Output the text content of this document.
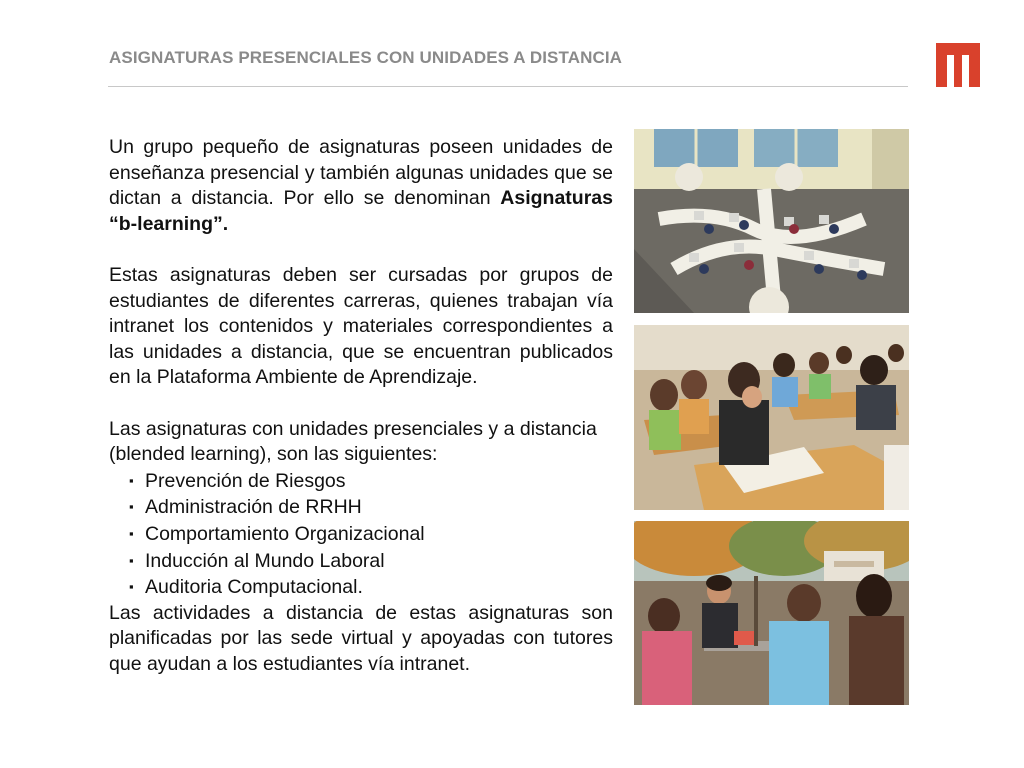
ASIGNATURAS PRESENCIALES CON UNIDADES A DISTANCIA

Un grupo pequeño de asignaturas poseen unidades de enseñanza presencial y también algunas unidades que se dictan a distancia. Por ello se denominan Asignaturas “b-learning”.

Estas asignaturas deben ser cursadas por grupos de estudiantes de diferentes carreras, quienes trabajan vía intranet los contenidos y materiales correspondientes a las unidades a distancia, que se encuentran publicados en la Plataforma Ambiente de Aprendizaje.

Las asignaturas con unidades presenciales y a distancia (blended learning), son las siguientes:

▪ Prevención de Riesgos
▪ Administración de RRHH
▪ Comportamiento Organizacional
▪ Inducción al Mundo Laboral
▪ Auditoria Computacional.

Las actividades a distancia de estas asignaturas son planificadas por las sede virtual y apoyadas con tutores que ayudan a los estudiantes vía intranet.
